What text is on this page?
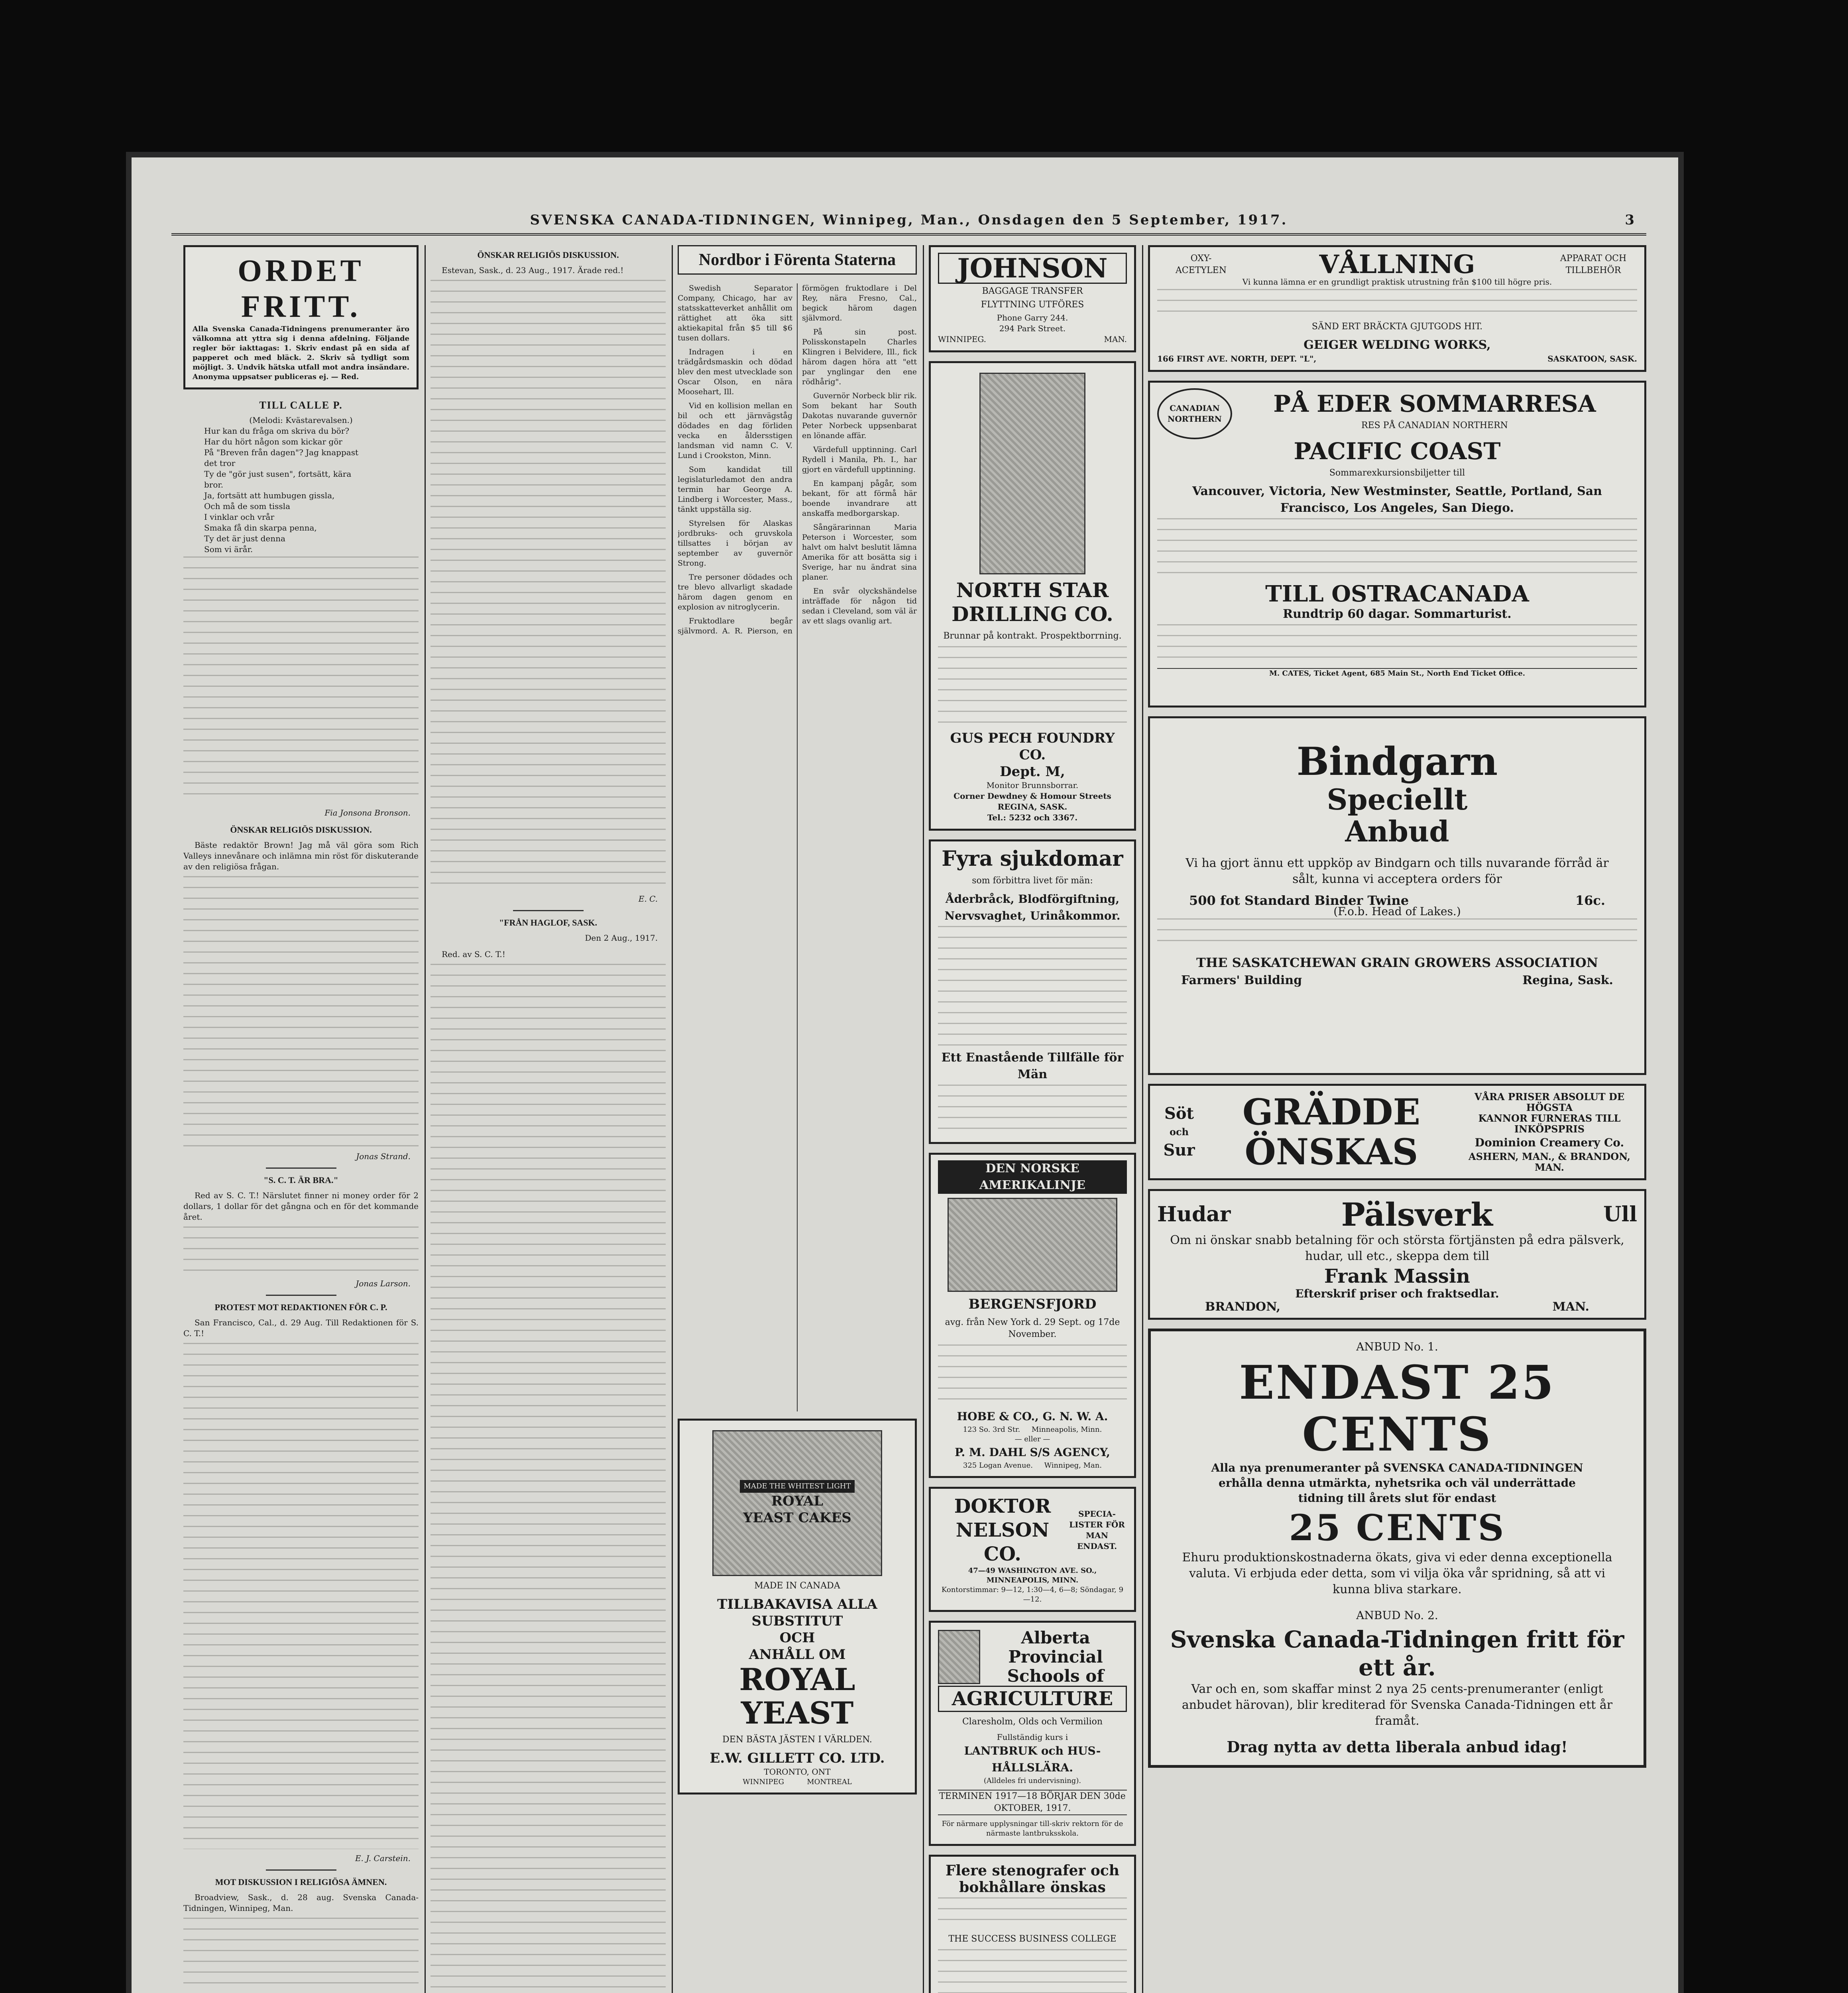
SVENSKA CANADA-TIDNINGEN, Winnipeg, Man., Onsdagen den 5 September, 1917.	3
ORDET FRITT.
Alla Svenska Canada-Tidningens prenumeranter äro välkomna att yttra sig i denna afdelning. Följande regler bör iakttagas: 1. Skriv endast på en sida af papperet och med bläck. 2. Skriv så tydligt som möjligt. 3. Undvik hätska utfall mot andra insändare. Anonyma uppsatser publiceras ej. — Red.
TILL CALLE P.
(Melodi: Kvästarevalsen.)

Hur kan du fråga om skriva du bör?

Har du hört någon som kickar gör

På "Breven från dagen"? Jag knappast

det tror

Ty de "gör just susen", fortsätt, kära

bror.

Ja, fortsätt att humbugen gissla,

Och må de som tissla

I vinklar och vrår

Smaka få din skarpa penna,

Ty det är just denna

Som vi ärår.

Fia Jonsona Bronson.
ÖNSKAR RELIGIÖS DISKUSSION.

Bäste redaktör Brown! Jag må väl göra som Rich Valleys innevånare och inlämna min röst för diskuterande av den religiösa frågan.

Jonas Strand.
"S. C. T. ÄR BRA."

Red av S. C. T.! Närslutet finner ni money order för 2 dollars, 1 dollar för det gångna och en för det kommande året.

Jonas Larson.
PROTEST MOT REDAKTIONEN FÖR C. P.

San Francisco, Cal., d. 29 Aug. Till Redaktionen för S. C. T.!

E. J. Carstein.
MOT DISKUSSION I RELIGIÖSA ÄMNEN.

Broadview, Sask., d. 28 aug. Svenska Canada-Tidningen, Winnipeg, Man.

ÖNSKAR RELIGIÖS DISKUSSION.

Estevan, Sask., d. 23 Aug., 1917. Ärade red.!

E. C.
"FRÅN HAGLOF, SASK.
Den 2 Aug., 1917.

Red. av S. C. T.!

Nordbor i Förenta Staterna

Swedish Separator Company, Chicago, har av statsskatteverket anhållit om rättighet att öka sitt aktiekapital från $5 till $6 tusen dollars.

Indragen i en trädgårdsmaskin och dödad blev den mest utvecklade son Oscar Olson, en nära Moosehart, Ill.

Vid en kollision mellan en bil och ett järnvägståg dödades en dag förliden vecka en åldersstigen landsman vid namn C. V. Lund i Crookston, Minn.

Som kandidat till legislaturledamot den andra termin har George A. Lindberg i Worcester, Mass., tänkt uppställa sig.

Styrelsen för Alaskas jordbruks- och gruvskola tillsattes i början av september av guvernör Strong.

Tre personer dödades och tre blevo allvarligt skadade härom dagen genom en explosion av nitroglycerin.

Fruktodlare begår självmord. A. R. Pierson, en förmögen fruktodlare i Del Rey, nära Fresno, Cal., begick härom dagen självmord.

På sin post. Polisskonstapeln Charles Klingren i Belvidere, Ill., fick härom dagen höra att "ett par ynglingar den ene rödhårig".

Guvernör Norbeck blir rik. Som bekant har South Dakotas nuvarande guvernör Peter Norbeck uppsenbarat en lönande affär.

Värdefull upptinning. Carl Rydell i Manila, Ph. I., har gjort en värdefull upptinning.

En kampanj pågår, som bekant, för att förmå här boende invandrare att anskaffa medborgarskap.

Sångärarinnan Maria Peterson i Worcester, som halvt om halvt beslutit lämna Amerika för att bosätta sig i Sverige, har nu ändrat sina planer.

En svår olyckshändelse inträffade för någon tid sedan i Cleveland, som väl är av ett slags ovanlig art.

MADE THE WHITEST LIGHT
ROYAL
YEAST CAKES
MADE IN CANADA
TILLBAKAVISA ALLA
SUBSTITUT
OCH
ANHÅLL OM
ROYAL YEAST
DEN BÄSTA JÄSTEN I VÄRLDEN.
E.W. GILLETT CO. LTD.
TORONTO, ONT
WINNIPEG          MONTREAL
JOHNSON
BAGGAGE TRANSFER
FLYTTNING UTFÖRES
Phone Garry 244.
294 Park Street.
WINNIPEG.	MAN.
NORTH STAR DRILLING CO.
Brunnar på kontrakt. Prospektborrning.
GUS PECH FOUNDRY CO.
Dept. M,
Monitor Brunnsborrar.
Corner Dewdney & Homour Streets REGINA, SASK.
Tel.: 5232 och 3367.
Fyra sjukdomar
som förbittra livet för män:
Åderbråck, Blodförgiftning, Nervsvaghet, Urinåkommor.
Ett Enastående Tillfälle för Män
DEN NORSKE AMERIKALINJE
BERGENSFJORD
avg. från New York d. 29 Sept. og 17de November.
HOBE & CO., G. N. W. A.
123 So. 3rd Str.     Minneapolis, Minn.
— eller —
P. M. DAHL S/S AGENCY,
325 Logan Avenue.     Winnipeg, Man.
DOKTOR
NELSON
CO.
SPECIA-LISTER FÖR MAN ENDAST.
47—49 WASHINGTON AVE. SO., MINNEAPOLIS, MINN.
Kontorstimmar: 9—12, 1:30—4, 6—8; Söndagar, 9—12.
Alberta
Provincial
Schools of
AGRICULTURE
Claresholm, Olds och Vermilion
Fullständig kurs i
LANTBRUK och HUS-HÅLLSLÄRA.
(Alldeles fri undervisning).
TERMINEN 1917—18 BÖRJAR DEN 30de OKTOBER, 1917.
För närmare upplysningar till-skriv rektorn för de närmaste lantbruksskola.
Flere stenografer och bokhållare önskas
THE SUCCESS BUSINESS COLLEGE
OXY-
ACETYLEN	VÅLLNING	APPARAT OCH
TILLBEHÖR
Vi kunna lämna er en grundligt praktisk utrustning från $100 till högre pris.
SÄND ERT BRÄCKTA GJUTGODS HIT.
GEIGER WELDING WORKS,
166 FIRST AVE. NORTH, DEPT. "L",	SASKATOON, SASK.
CANADIAN
NORTHERN
PÅ EDER SOMMARRESA
RES PÅ CANADIAN NORTHERN
PACIFIC COAST
Sommarexkursionsbiljetter till
Vancouver, Victoria, New Westminster, Seattle, Portland, San Francisco, Los Angeles, San Diego.
TILL OSTRACANADA
Rundtrip 60 dagar. Sommarturist.
M. CATES, Ticket Agent, 685 Main St., North End Ticket Office.
Bindgarn
Speciellt
Anbud
Vi ha gjort ännu ett uppköp av Bindgarn och tills nuvarande förråd är sålt, kunna vi acceptera orders för
500 fot Standard Binder Twine	16c.
(F.o.b. Head of Lakes.)
THE SASKATCHEWAN GRAIN GROWERS ASSOCIATION
Farmers' Building	Regina, Sask.
Söt
och
Sur
GRÄDDE
ÖNSKAS
VÅRA PRISER ABSOLUT DE HÖGSTA
KANNOR FURNERAS TILL INKÖPSPRIS
Dominion Creamery Co.
ASHERN, MAN., & BRANDON, MAN.
Hudar	Pälsverk	Ull
Om ni önskar snabb betalning för och största förtjänsten på edra pälsverk, hudar, ull etc., skeppa dem till
Frank Massin
Efterskrif priser och fraktsedlar.
BRANDON,	MAN.
ANBUD No. 1.
ENDAST 25 CENTS
Alla nya prenumeranter på SVENSKA CANADA-TIDNINGEN
erhålla denna utmärkta, nyhetsrika och väl underrättade
tidning till årets slut för endast
25 CENTS
Ehuru produktionskostnaderna ökats, giva vi eder denna exceptionella valuta. Vi erbjuda eder detta, som vi vilja öka vår spridning, så att vi kunna bliva starkare.
ANBUD No. 2.
Svenska Canada-Tidningen fritt för ett år.
Var och en, som skaffar minst 2 nya 25 cents-prenumeranter (enligt anbudet härovan), blir krediterad för Svenska Canada-Tidningen ett år framåt.
Drag nytta av detta liberala anbud idag!
